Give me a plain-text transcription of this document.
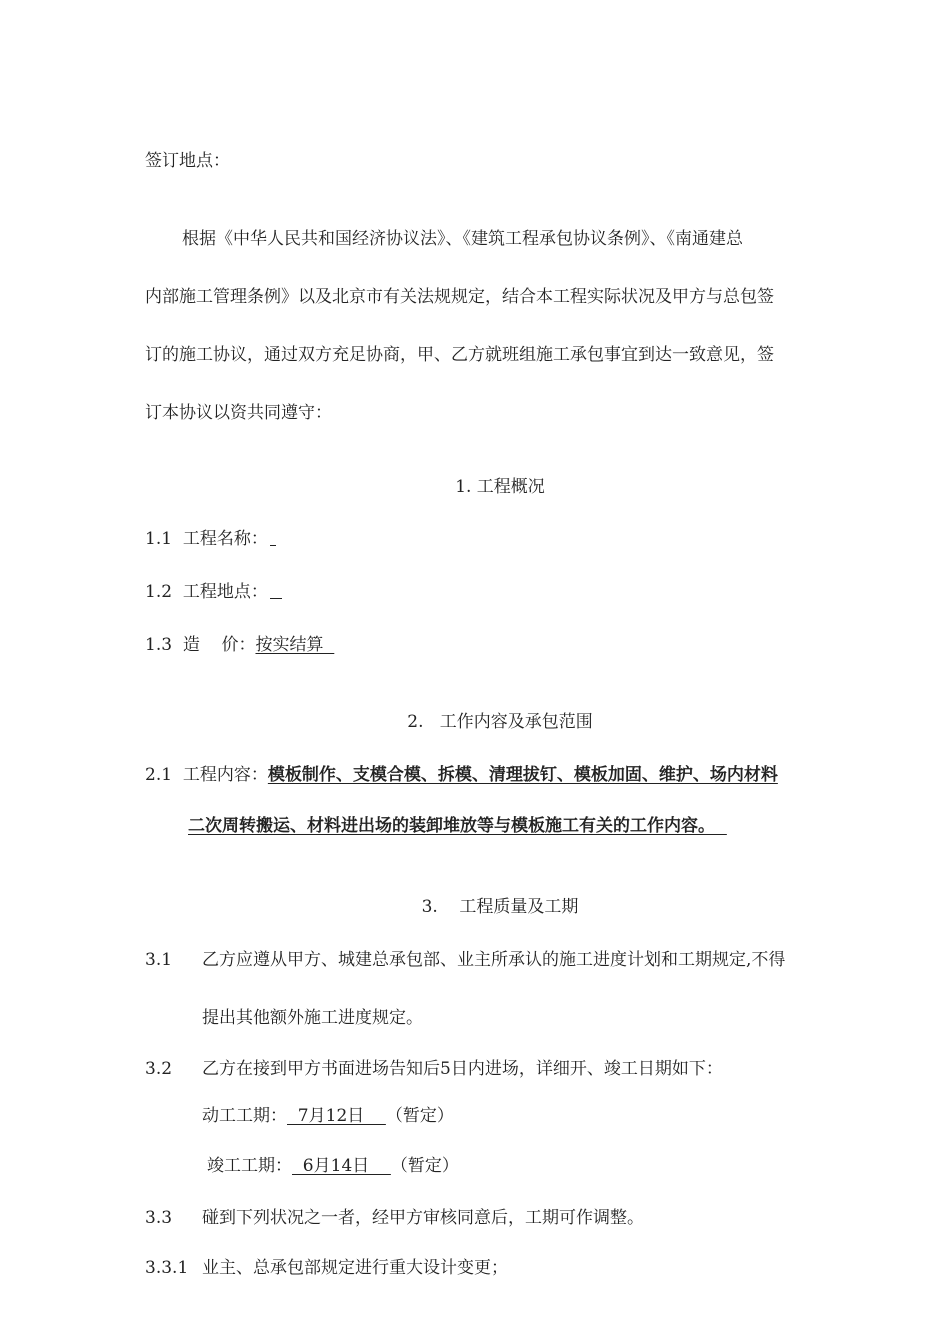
签订地点：
根据《中华人民共和国经济协议法》、《建筑工程承包协议条例》、《南通建总
内部施工管理条例》以及北京市有关法规规定，结合本工程实际状况及甲方与总包签
订的施工协议，通过双方充足协商，甲、乙方就班组施工承包事宜到达一致意见，签
订本协议以资共同遵守：
1. 工程概况
1.1 工程名称：
1.2 工程地点：
1.3 造    价：按实结算
2.   工作内容及承包范围
2.1 工程内容：模板制作、支模合模、拆模、清理拔钉、模板加固、维护、场内材料
二次周转搬运、材料进出场的装卸堆放等与模板施工有关的工作内容。
3.    工程质量及工期
3.1 乙方应遵从甲方、城建总承包部、业主所承认的施工进度计划和工期规定,不得
提出其他额外施工进度规定。
3.2 乙方在接到甲方书面进场告知后5日内进场，详细开、竣工日期如下：
动工工期：  7月12日    （暂定）
竣工工期：  6月14日    （暂定）
3.3 碰到下列状况之一者，经甲方审核同意后，工期可作调整。
3.3.1 业主、总承包部规定进行重大设计变更；
